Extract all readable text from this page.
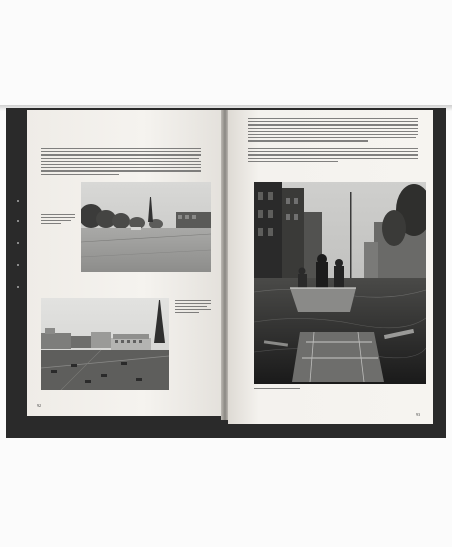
92
93
